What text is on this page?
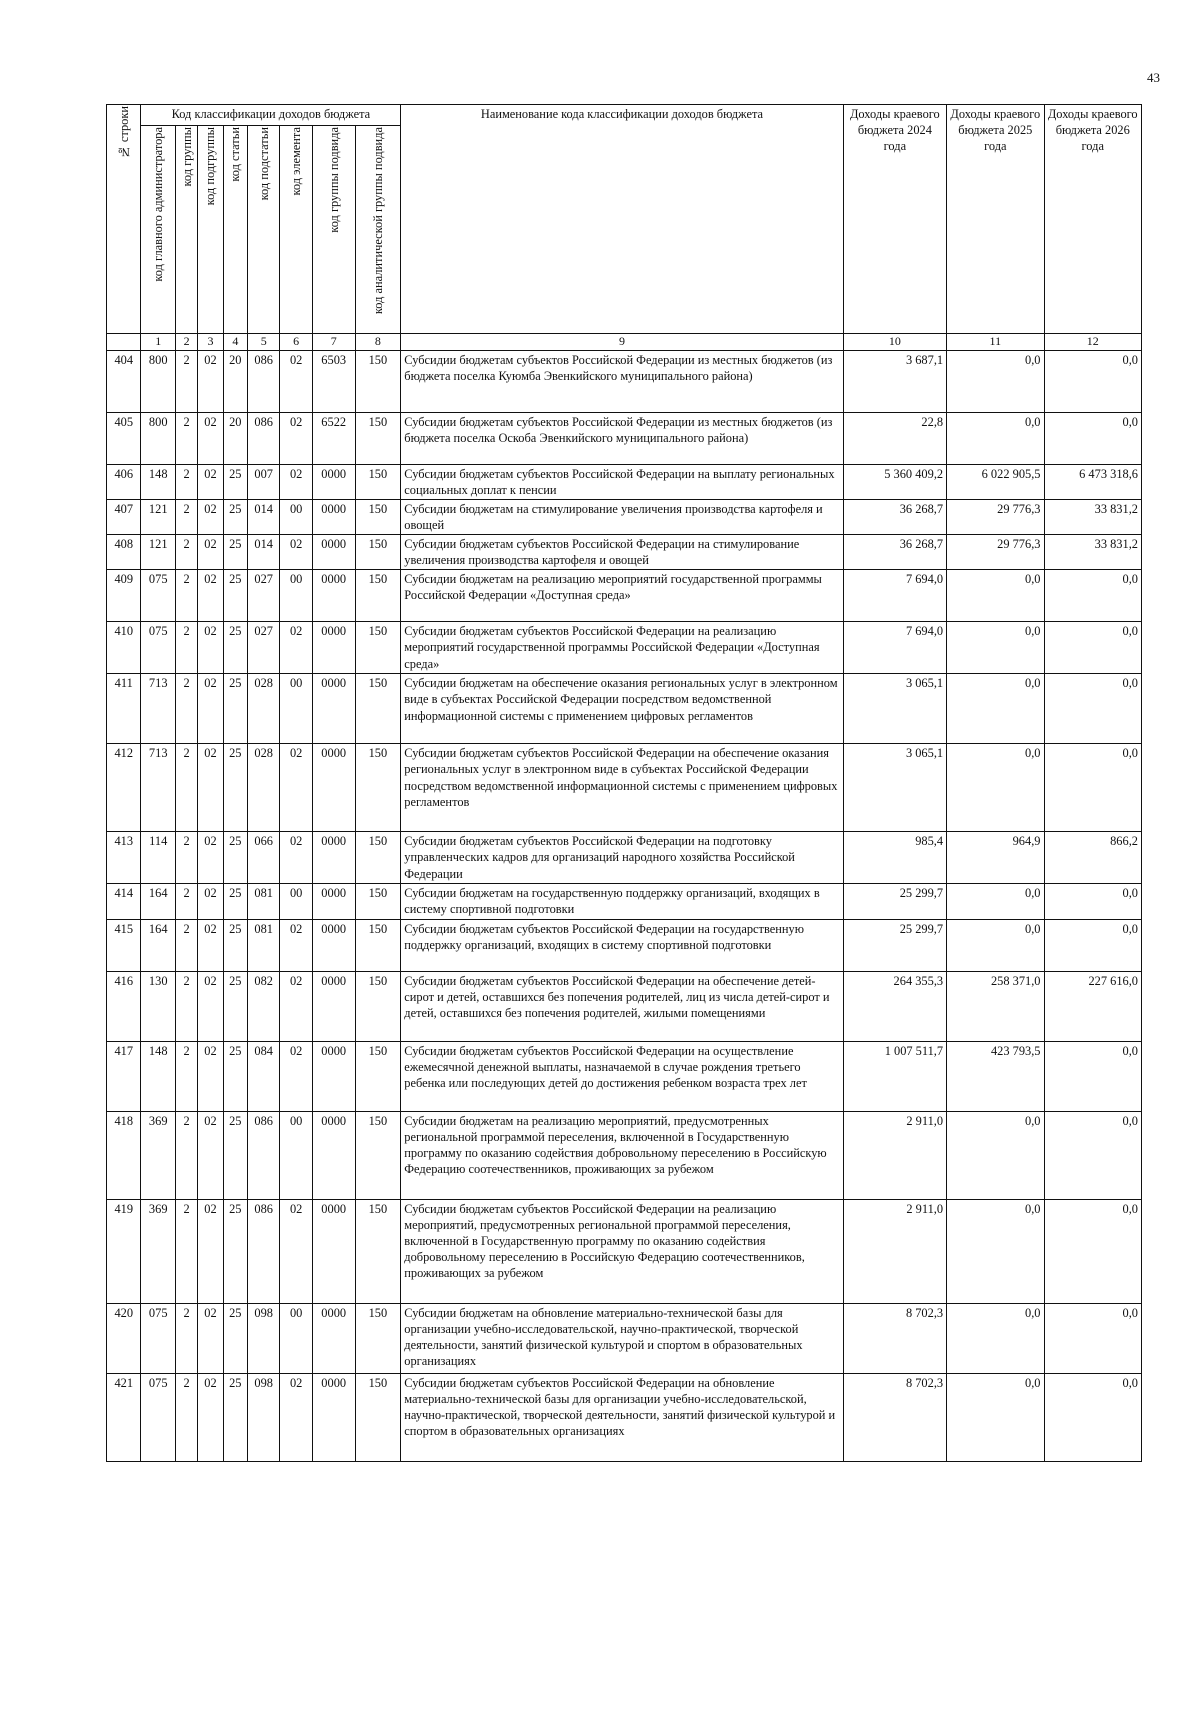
43
№ строки	Код классификации доходов бюджета								Наименование кода классификации доходов бюджета	Доходы краевого бюджета 2024 года	Доходы краевого бюджета 2025 года	Доходы краевого бюджета 2026 года

	код главного администратора	код группы	код подгруппы	код статьи	код подстатьи	код элемента	код группы подвида	код аналитической группы подвида				

	1	2	3	4	5	6	7	8	9	10	11	12
404	800	2	02	20	086	02	6503	150	Субсидии бюджетам субъектов Российской Федерации из местных бюджетов (из бюджета поселка Куюмба Эвенкийского муниципального района)	3 687,1	0,0	0,0
405	800	2	02	20	086	02	6522	150	Субсидии бюджетам субъектов Российской Федерации из местных бюджетов (из бюджета поселка Оскоба Эвенкийского муниципального района)	22,8	0,0	0,0
406	148	2	02	25	007	02	0000	150	Субсидии бюджетам субъектов Российской Федерации на выплату региональных социальных доплат к пенсии	5 360 409,2	6 022 905,5	6 473 318,6
407	121	2	02	25	014	00	0000	150	Субсидии бюджетам на стимулирование увеличения производства картофеля и овощей	36 268,7	29 776,3	33 831,2
408	121	2	02	25	014	02	0000	150	Субсидии бюджетам субъектов Российской Федерации на стимулирование увеличения производства картофеля и овощей	36 268,7	29 776,3	33 831,2
409	075	2	02	25	027	00	0000	150	Субсидии бюджетам на реализацию мероприятий государственной программы Российской Федерации «Доступная среда»	7 694,0	0,0	0,0
410	075	2	02	25	027	02	0000	150	Субсидии бюджетам субъектов Российской Федерации на реализацию мероприятий государственной программы Российской Федерации «Доступная среда»	7 694,0	0,0	0,0
411	713	2	02	25	028	00	0000	150	Субсидии бюджетам на обеспечение оказания региональных услуг в электронном виде в субъектах Российской Федерации посредством ведомственной информационной системы с применением цифровых регламентов	3 065,1	0,0	0,0
412	713	2	02	25	028	02	0000	150	Субсидии бюджетам субъектов Российской Федерации на обеспечение оказания региональных услуг в электронном виде в субъектах Российской Федерации посредством ведомственной информационной системы с применением цифровых регламентов	3 065,1	0,0	0,0
413	114	2	02	25	066	02	0000	150	Субсидии бюджетам субъектов Российской Федерации на подготовку управленческих кадров для организаций народного хозяйства Российской Федерации	985,4	964,9	866,2
414	164	2	02	25	081	00	0000	150	Субсидии бюджетам на государственную поддержку организаций, входящих в систему спортивной подготовки	25 299,7	0,0	0,0
415	164	2	02	25	081	02	0000	150	Субсидии бюджетам субъектов Российской Федерации на государственную поддержку организаций, входящих в систему спортивной подготовки	25 299,7	0,0	0,0
416	130	2	02	25	082	02	0000	150	Субсидии бюджетам субъектов Российской Федерации на обеспечение детей-сирот и детей, оставшихся без попечения родителей, лиц из числа детей-сирот и детей, оставшихся без попечения родителей, жилыми помещениями	264 355,3	258 371,0	227 616,0
417	148	2	02	25	084	02	0000	150	Субсидии бюджетам субъектов Российской Федерации на осуществление ежемесячной денежной выплаты, назначаемой в случае рождения третьего ребенка или последующих детей до достижения ребенком возраста трех лет	1 007 511,7	423 793,5	0,0
418	369	2	02	25	086	00	0000	150	Субсидии бюджетам на реализацию мероприятий, предусмотренных региональной программой переселения, включенной в Государственную программу по оказанию содействия добровольному переселению в Российскую Федерацию соотечественников, проживающих за рубежом	2 911,0	0,0	0,0
419	369	2	02	25	086	02	0000	150	Субсидии бюджетам субъектов Российской Федерации на реализацию мероприятий, предусмотренных региональной программой переселения, включенной в Государственную программу по оказанию содействия добровольному переселению в Российскую Федерацию соотечественников, проживающих за рубежом	2 911,0	0,0	0,0
420	075	2	02	25	098	00	0000	150	Субсидии бюджетам на обновление материально-технической базы для организации учебно-исследовательской, научно-практической, творческой деятельности, занятий физической культурой и спортом в образовательных организациях	8 702,3	0,0	0,0
421	075	2	02	25	098	02	0000	150	Субсидии бюджетам субъектов Российской Федерации на обновление материально-технической базы для организации учебно-исследовательской, научно-практической, творческой деятельности, занятий физической культурой и спортом в образовательных организациях	8 702,3	0,0	0,0
